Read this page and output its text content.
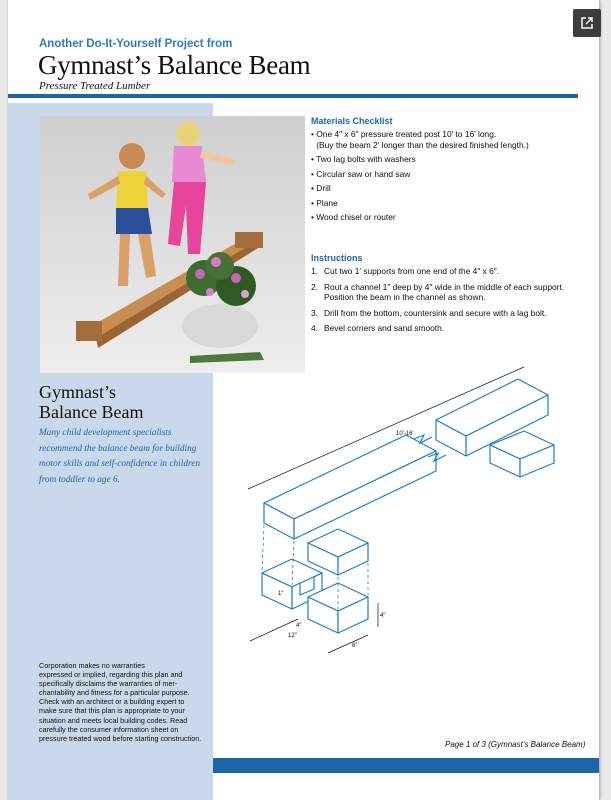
Another Do-It-Yourself Project from
Gymnast’s Balance Beam
Pressure Treated Lumber
Materials Checklist
• One 4″ x 6″ pressure treated post 10′ to 16′ long.
(Buy the beam 2′ longer than the desired finished length.)
• Two lag bolts with washers
• Circular saw or hand saw
• Drill
• Plane
• Wood chisel or router
Instructions
1. Cut two 1′ supports from one end of the 4″ x 6″.
2. Rout a channel 1″ deep by 4″ wide in the middle of each support.
Position the beam in the channel as shown.
3. Drill from the bottom, countersink and secure with a lag bolt.
4. Bevel corners and sand smooth.
Gymnast’s
Balance Beam
Many child development specialists recommend the balance beam for building motor skills and self-confidence in children from toddler to age 6.
Corporation makes no warranties
expressed or implied, regarding this plan and
specifically disclaims the warranties of mer-
chantability and fitness for a particular purpose.
Check with an architect or a building expert to
make sure that this plan is appropriate to your
situation and meets local building codes. Read
carefully the consumer information sheet on
pressure treated wood before starting construction.
10′-16′
1″
4″
12″
4″
6″
Page 1 of 3 (Gymnast’s Balance Beam)
